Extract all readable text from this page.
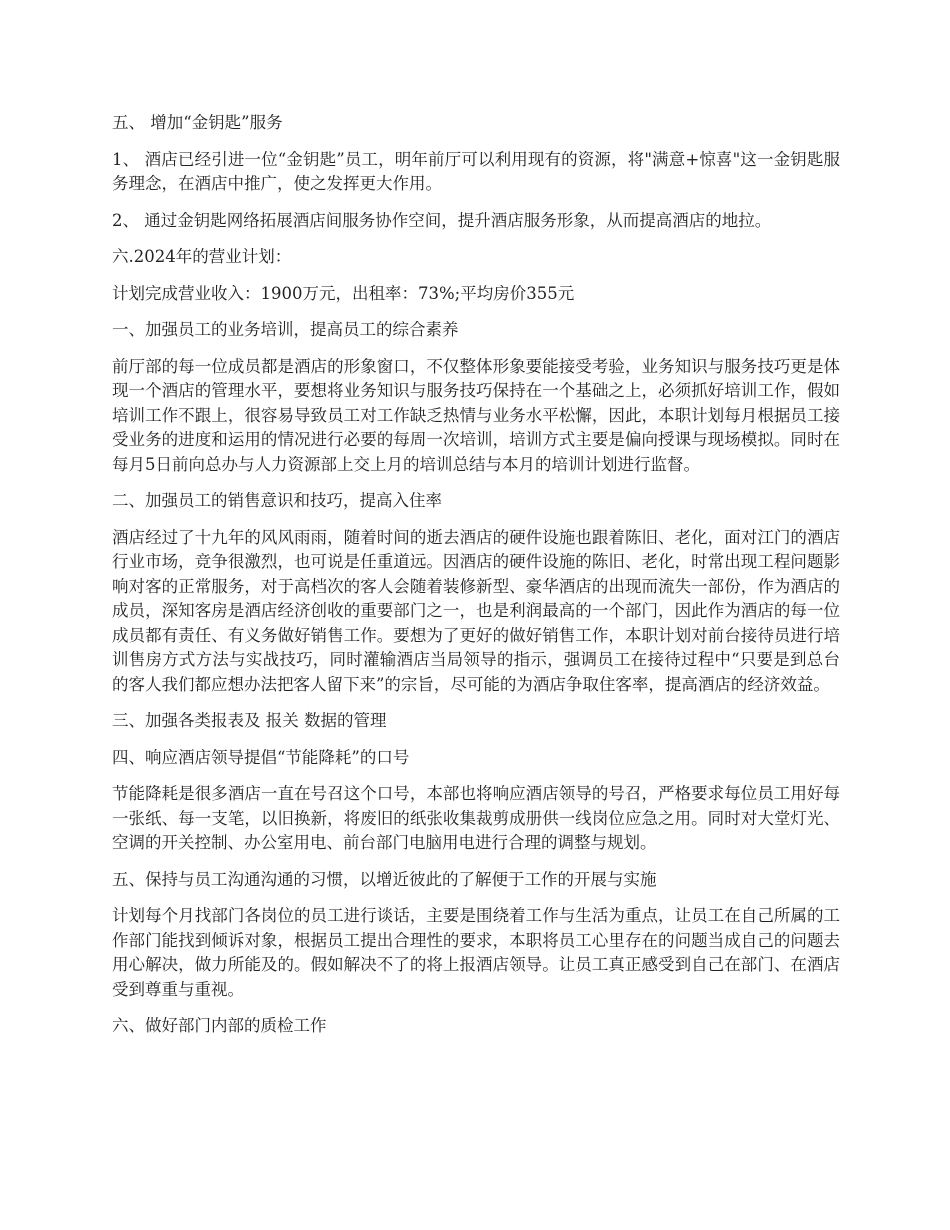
五、 增加“金钥匙”服务

1、 酒店已经引进一位“金钥匙”员工，明年前厅可以利用现有的资源，将"满意+惊喜"这一金钥匙服务理念，在酒店中推广，使之发挥更大作用。

2、 通过金钥匙网络拓展酒店间服务协作空间，提升酒店服务形象，从而提高酒店的地拉。

六.2024年的营业计划：

计划完成营业收入：1900万元，出租率：73%;平均房价355元

一、加强员工的业务培训，提高员工的综合素养

前厅部的每一位成员都是酒店的形象窗口，不仅整体形象要能接受考验，业务知识与服务技巧更是体现一个酒店的管理水平，要想将业务知识与服务技巧保持在一个基础之上，必须抓好培训工作，假如培训工作不跟上，很容易导致员工对工作缺乏热情与业务水平松懈，因此，本职计划每月根据员工接受业务的进度和运用的情况进行必要的每周一次培训，培训方式主要是偏向授课与现场模拟。同时在每月5日前向总办与人力资源部上交上月的培训总结与本月的培训计划进行监督。

二、加强员工的销售意识和技巧，提高入住率

酒店经过了十九年的风风雨雨，随着时间的逝去酒店的硬件设施也跟着陈旧、老化，面对江门的酒店行业市场，竞争很激烈，也可说是任重道远。因酒店的硬件设施的陈旧、老化，时常出现工程问题影响对客的正常服务，对于高档次的客人会随着装修新型、豪华酒店的出现而流失一部份，作为酒店的成员，深知客房是酒店经济创收的重要部门之一，也是利润最高的一个部门，因此作为酒店的每一位成员都有责任、有义务做好销售工作。要想为了更好的做好销售工作，本职计划对前台接待员进行培训售房方式方法与实战技巧，同时灌输酒店当局领导的指示，强调员工在接待过程中“只要是到总台的客人我们都应想办法把客人留下来”的宗旨，尽可能的为酒店争取住客率，提高酒店的经济效益。

三、加强各类报表及 报关 数据的管理

四、响应酒店领导提倡“节能降耗”的口号

节能降耗是很多酒店一直在号召这个口号，本部也将响应酒店领导的号召，严格要求每位员工用好每一张纸、每一支笔，以旧换新，将废旧的纸张收集裁剪成册供一线岗位应急之用。同时对大堂灯光、空调的开关控制、办公室用电、前台部门电脑用电进行合理的调整与规划。

五、保持与员工沟通沟通的习惯，以增近彼此的了解便于工作的开展与实施

计划每个月找部门各岗位的员工进行谈话，主要是围绕着工作与生活为重点，让员工在自己所属的工作部门能找到倾诉对象，根据员工提出合理性的要求，本职将员工心里存在的问题当成自己的问题去用心解决，做力所能及的。假如解决不了的将上报酒店领导。让员工真正感受到自己在部门、在酒店受到尊重与重视。

六、做好部门内部的质检工作
